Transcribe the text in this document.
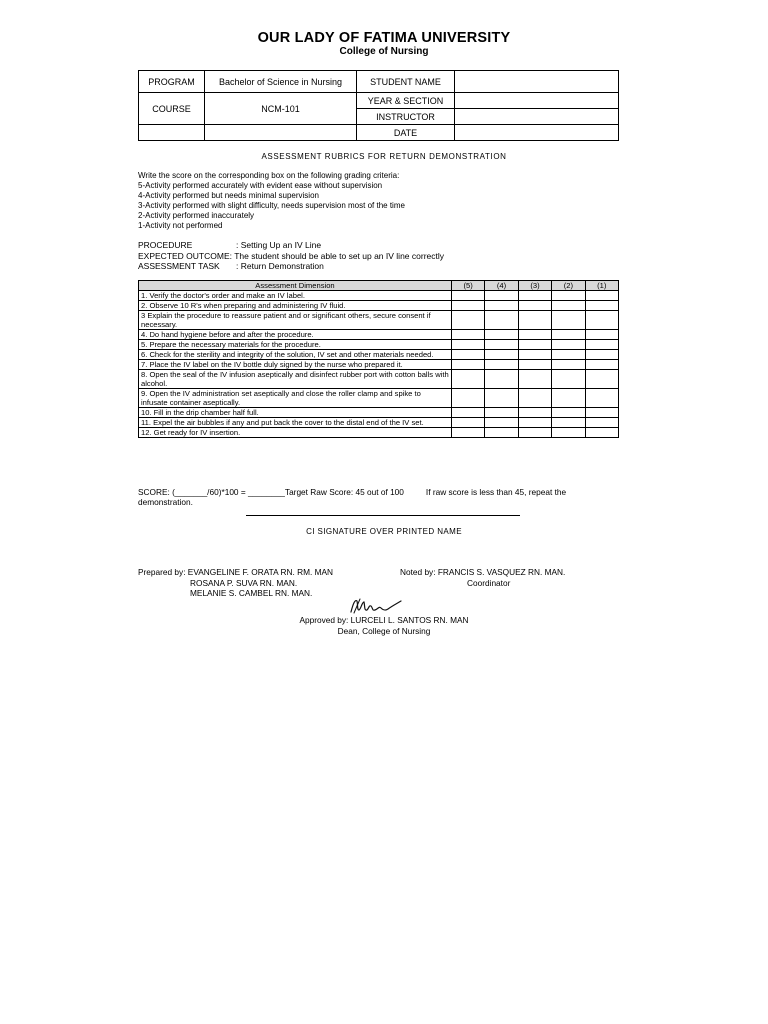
OUR LADY OF FATIMA UNIVERSITY
College of Nursing
PROGRAM	Bachelor of Science in Nursing	STUDENT NAME	
COURSE	NCM-101	YEAR & SECTION	
		INSTRUCTOR	
		DATE	
ASSESSMENT RUBRICS FOR RETURN DEMONSTRATION
Write the score on the corresponding box on the following grading criteria:
5-Activity performed accurately with evident ease without supervision
4-Activity performed but needs minimal supervision
3-Activity performed with slight difficulty, needs supervision most of the time
2-Activity performed inaccurately
1-Activity not performed
PROCEDURE	: Setting Up an IV Line
EXPECTED OUTCOME: The student should be able to set up an IV line correctly
ASSESSMENT TASK : Return Demonstration
Assessment Dimension	(5)	(4)	(3)	(2)	(1)
1. Verify the doctor's order and make an IV label.					
2. Observe 10 R's when preparing and administering IV fluid.					
3 Explain the procedure to reassure patient and or significant others, secure consent if necessary.					
4. Do hand hygiene before and after the procedure.					
5. Prepare the necessary materials for the procedure.					
6. Check for the sterility and integrity of the solution, IV set and other materials needed.					
7. Place the IV label on the IV bottle duly signed by the nurse who prepared it.					
8. Open the seal of the IV infusion aseptically and disinfect rubber port with cotton balls with alcohol.					
9. Open the IV administration set aseptically and close the roller clamp and spike to infusate container aseptically.					
10. Fill in the drip chamber half full.					
11. Expel the air bubbles if any and put back the cover to the distal end of the IV set.					
12. Get ready for IV insertion.					
SCORE: (_______/60)*100 = ________Target Raw Score: 45 out of 100	If raw score is less than 45, repeat the demonstration.
CI SIGNATURE OVER PRINTED NAME
Prepared by: EVANGELINE F. ORATA RN. RM. MAN
ROSANA P. SUVA RN. MAN.
MELANIE S. CAMBEL RN. MAN.
Noted by: FRANCIS S. VASQUEZ RN. MAN.
Coordinator
Approved by: LURCELI L. SANTOS RN. MAN
Dean, College of Nursing
